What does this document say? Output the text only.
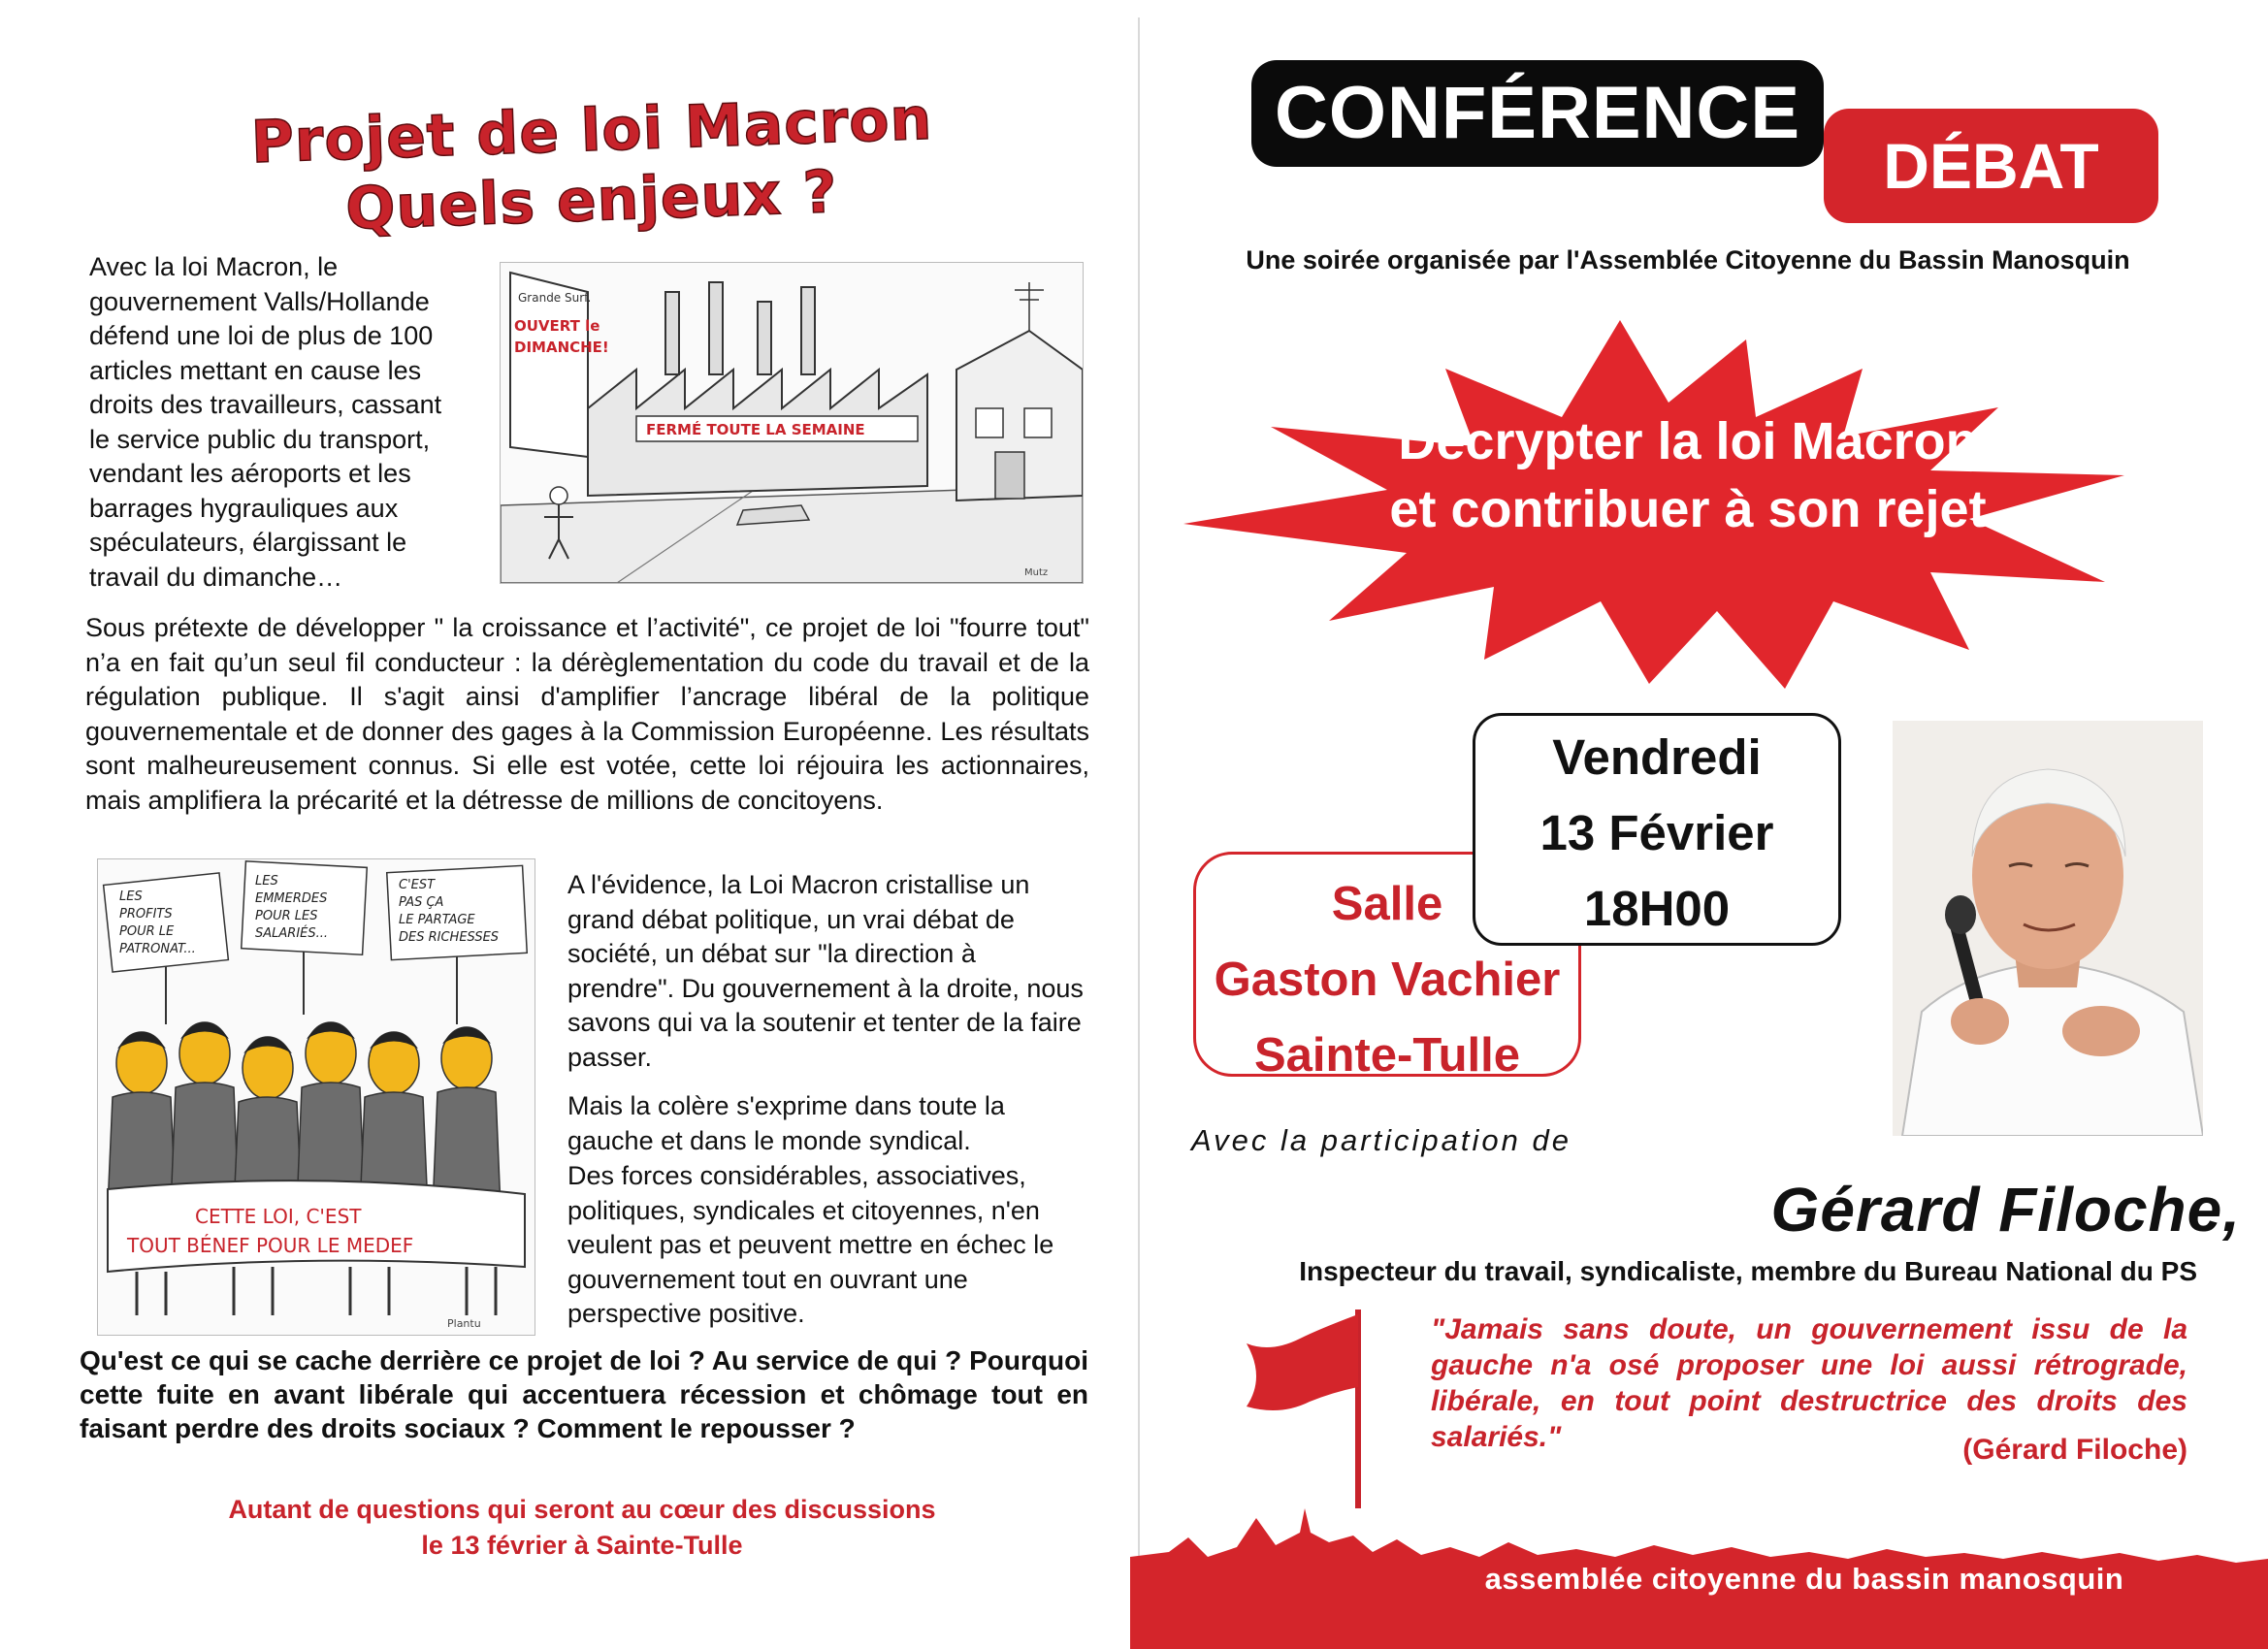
Projet de loi Macron
Quels enjeux ?
Avec la loi Macron, le
gouvernement Valls/Hollande
défend une loi de plus de 100
articles mettant en cause les
droits des travailleurs, cassant
le service public du transport,
vendant les aéroports et les
barrages hygrauliques aux
spéculateurs, élargissant le
travail du dimanche…
Grande Surf.
OUVERT le
DIMANCHE!
FERMÉ TOUTE LA SEMAINE
Mutz
Sous prétexte de développer " la croissance et l’activité", ce projet de loi "fourre tout" n’a en fait qu’un seul fil conducteur : la dérèglementation du code du travail et de la régulation publique. Il s'agit ainsi d'amplifier l’ancrage libéral de la politique gouvernementale et de donner des gages à la Commission Européenne. Les résultats sont malheureusement connus. Si elle est votée, cette loi réjouira les actionnaires, mais amplifiera la précarité et la détresse de millions de concitoyens.
LES
PROFITS
POUR LE
PATRONAT...
LES
EMMERDES
POUR LES
SALARIÉS...
C'EST
PAS ÇA
LE PARTAGE
DES RICHESSES
CETTE LOI, C'EST
TOUT BÉNEF POUR LE MEDEF
Plantu
A l'évidence, la Loi Macron cristallise un grand débat politique, un vrai débat de société, un débat sur "la direction à prendre". Du gouvernement à la droite, nous savons qui va la soutenir et tenter de la faire passer.
Mais la colère s'exprime dans toute la gauche et dans le monde syndical.
Des forces considérables, associatives, politiques, syndicales et citoyennes, n'en veulent pas et peuvent mettre en échec le gouvernement tout en ouvrant une perspective positive.
Qu'est ce qui se cache derrière ce projet de loi ? Au service de qui ? Pourquoi cette fuite en avant libérale qui accentuera récession et chômage tout en faisant perdre des droits sociaux ? Comment le repousser ?
Autant de questions qui seront au cœur des discussions
le 13 février à Sainte-Tulle
DÉBAT
CONFÉRENCE
Une soirée organisée par l'Assemblée Citoyenne du Bassin Manosquin
Décrypter la loi Macron
et contribuer à son rejet
Salle
Gaston Vachier
Sainte-Tulle
Vendredi
13 Février
18H00
Avec la participation de
Gérard Filoche,
Inspecteur du travail, syndicaliste, membre du Bureau National du PS
"Jamais sans doute, un gouvernement issu de la gauche n'a osé proposer une loi aussi rétrograde, libérale, en tout point destructrice des droits des salariés."	(Gérard Filoche)
assemblée citoyenne du bassin manosquin
